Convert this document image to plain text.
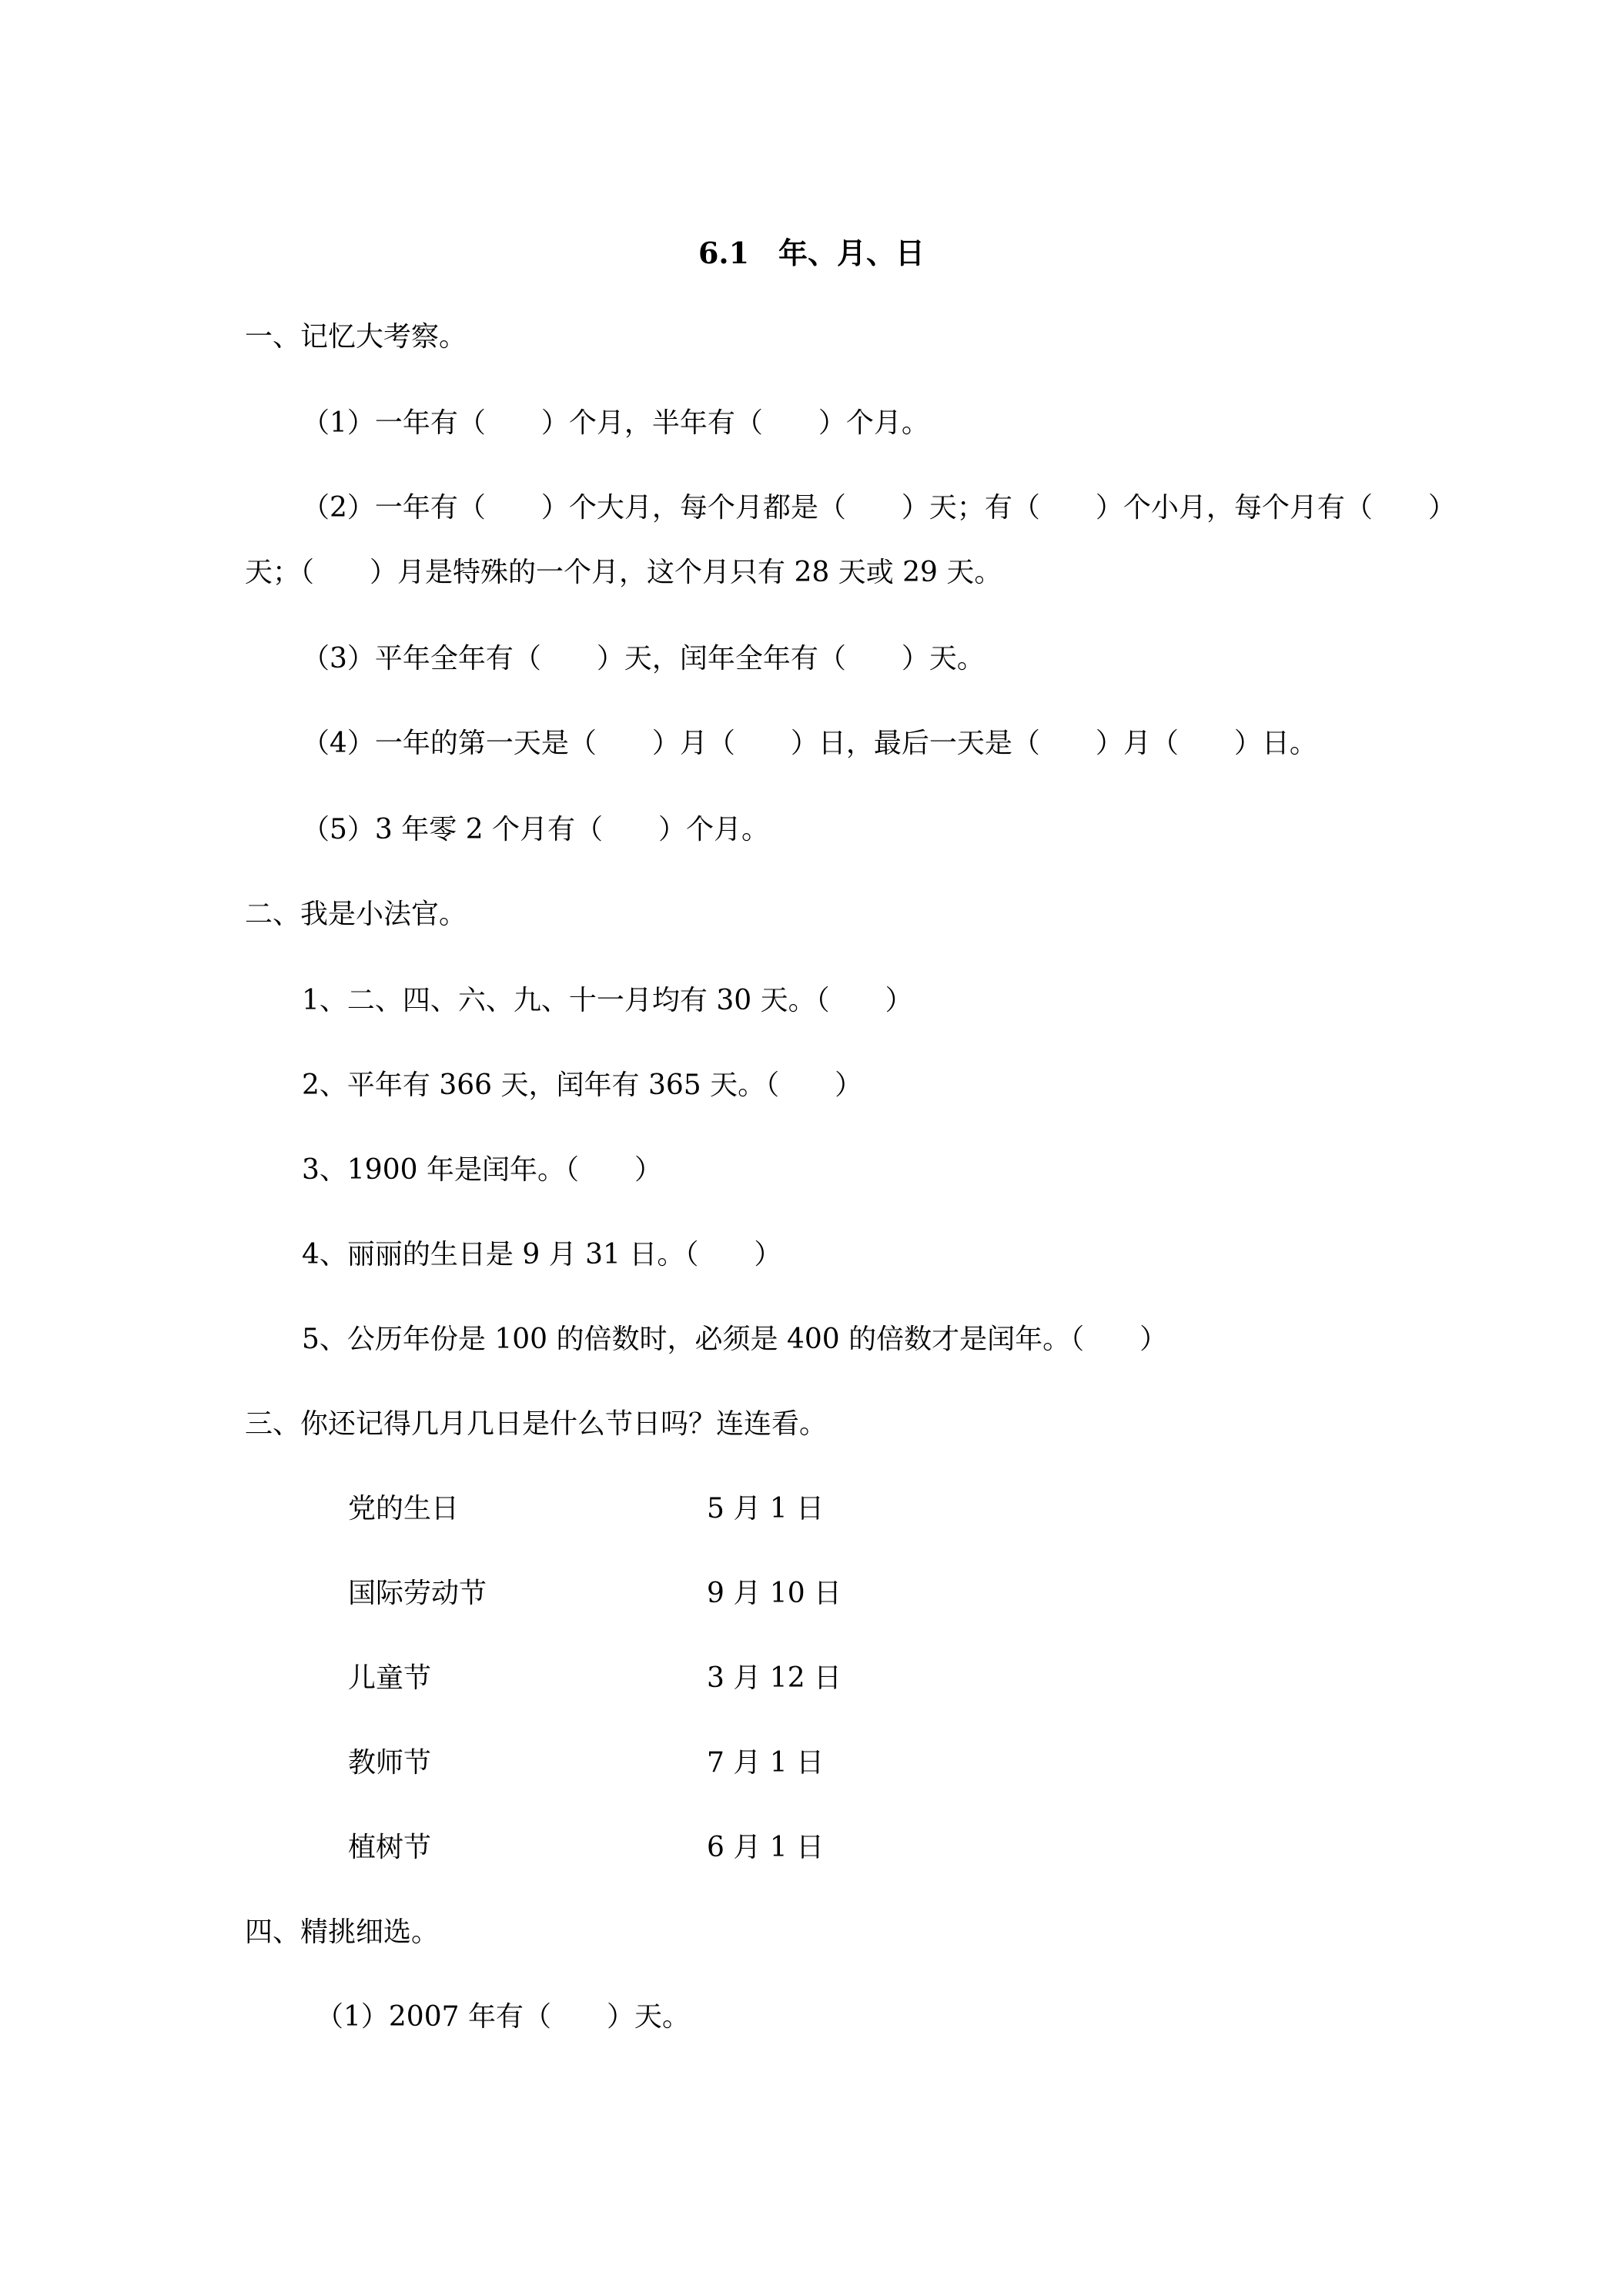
6.1　年、月、日
一、记忆大考察。
（1）一年有（　　）个月，半年有（　　）个月。
（2）一年有（　　）个大月，每个月都是（　　）天；有（　　）个小月，每个月有（　　）
天；（　　）月是特殊的一个月，这个月只有 28 天或 29 天。
（3）平年全年有（　　）天，闰年全年有（　　）天。
（4）一年的第一天是（　　）月（　　）日，最后一天是（　　）月（　　）日。
（5）3 年零 2 个月有（　　）个月。
二、我是小法官。
1、二、四、六、九、十一月均有 30 天。（　　）
2、平年有 366 天，闰年有 365 天。（　　）
3、1900 年是闰年。（　　）
4、丽丽的生日是 9 月 31 日。（　　）
5、公历年份是 100 的倍数时，必须是 400 的倍数才是闰年。（　　）
三、你还记得几月几日是什么节日吗？连连看。
党的生日	5 月 1 日
国际劳动节	9 月 10 日
儿童节	3 月 12 日
教师节	7 月 1 日
植树节	6 月 1 日
四、精挑细选。
（1）2007 年有（　　）天。
